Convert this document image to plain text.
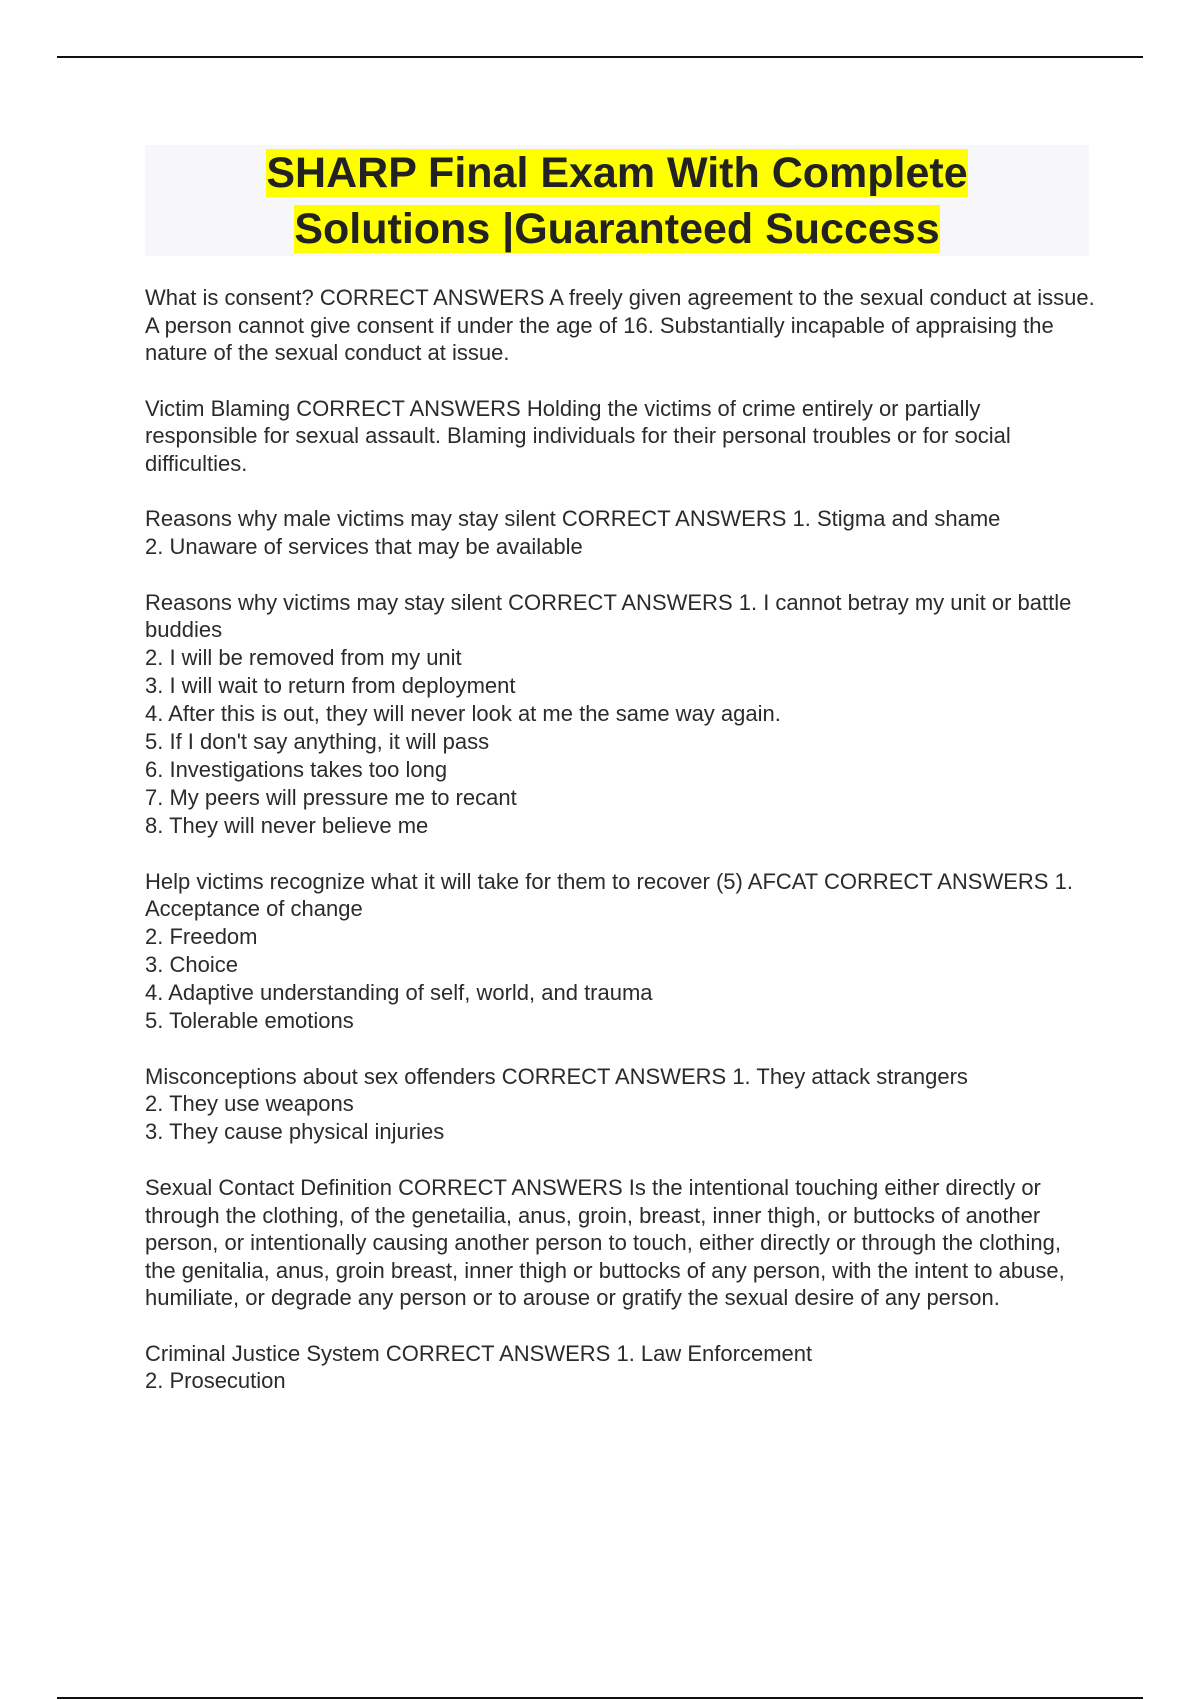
SHARP Final Exam With Complete
Solutions |Guaranteed Success

What is consent? CORRECT ANSWERS A freely given agreement to the sexual conduct at issue. A person cannot give consent if under the age of 16. Substantially incapable of appraising the nature of the sexual conduct at issue.

Victim Blaming CORRECT ANSWERS Holding the victims of crime entirely or partially responsible for sexual assault. Blaming individuals for their personal troubles or for social difficulties.

Reasons why male victims may stay silent CORRECT ANSWERS 1. Stigma and shame

2. Unaware of services that may be available

Reasons why victims may stay silent CORRECT ANSWERS 1. I cannot betray my unit or battle buddies

2. I will be removed from my unit
3. I will wait to return from deployment
4. After this is out, they will never look at me the same way again.
5. If I don't say anything, it will pass
6. Investigations takes too long
7. My peers will pressure me to recant
8. They will never believe me

Help victims recognize what it will take for them to recover (5) AFCAT CORRECT ANSWERS 1. Acceptance of change

2. Freedom
3. Choice
4. Adaptive understanding of self, world, and trauma
5. Tolerable emotions

Misconceptions about sex offenders CORRECT ANSWERS 1. They attack strangers

2. They use weapons
3. They cause physical injuries

Sexual Contact Definition CORRECT ANSWERS Is the intentional touching either directly or through the clothing, of the genetailia, anus, groin, breast, inner thigh, or buttocks of another person, or intentionally causing another person to touch, either directly or through the clothing, the genitalia, anus, groin breast, inner thigh or buttocks of any person, with the intent to abuse, humiliate, or degrade any person or to arouse or gratify the sexual desire of any person.

Criminal Justice System CORRECT ANSWERS 1. Law Enforcement

2. Prosecution
